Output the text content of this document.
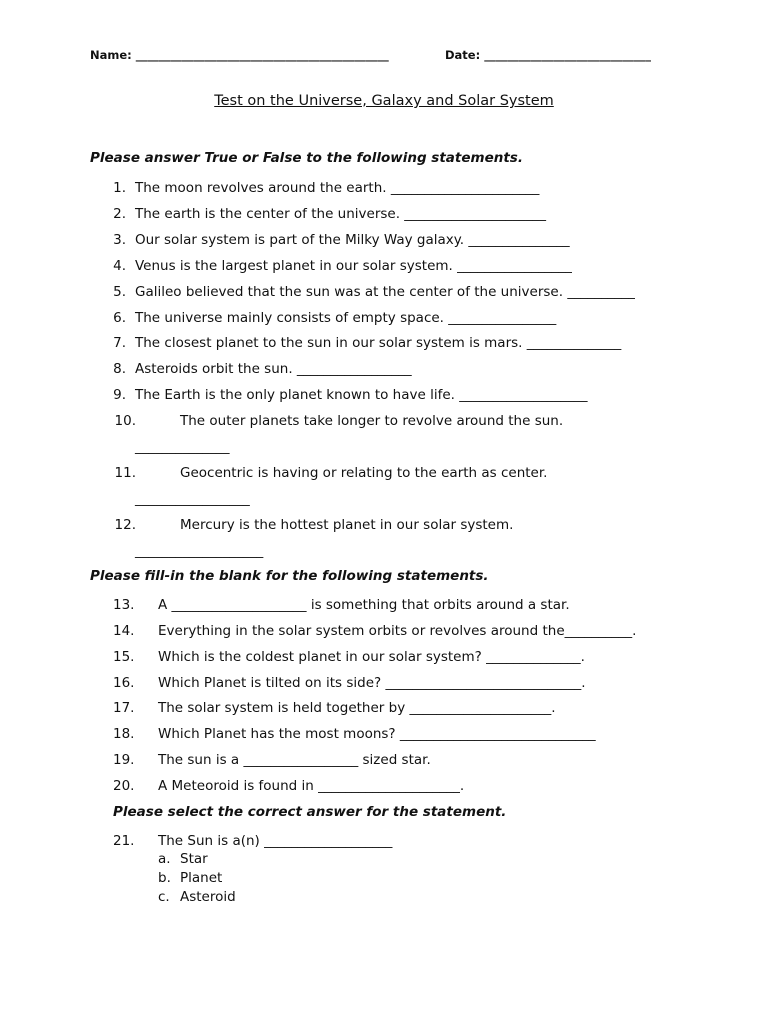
Name: ____________________________________________	Date: _____________________________
Test on the Universe, Galaxy and Solar System
Please answer True or False to the following statements.
1. The moon revolves around the earth. ______________________
2. The earth is the center of the universe. _____________________
3. Our solar system is part of the Milky Way galaxy. _______________
4. Venus is the largest planet in our solar system. _________________
5. Galileo believed that the sun was at the center of the universe. __________
6. The universe mainly consists of empty space. ________________
7. The closest planet to the sun in our solar system is mars. ______________
8. Asteroids orbit the sun. _________________
9. The Earth is the only planet known to have life. ___________________
10.	The outer planets take longer to revolve around the sun.
______________
11.	Geocentric is having or relating to the earth as center.
_________________
12.	Mercury is the hottest planet in our solar system.
___________________
Please fill-in the blank for the following statements.
13. A ____________________ is something that orbits around a star.
14. Everything in the solar system orbits or revolves around the__________.
15. Which is the coldest planet in our solar system? ______________.
16. Which Planet is tilted on its side? _____________________________.
17. The solar system is held together by _____________________.
18. Which Planet has the most moons? _____________________________
19. The sun is a _________________ sized star.
20. A Meteoroid is found in _____________________.
Please select the correct answer for the statement.
21. The Sun is a(n) ___________________
a. Star
b. Planet
c. Asteroid
